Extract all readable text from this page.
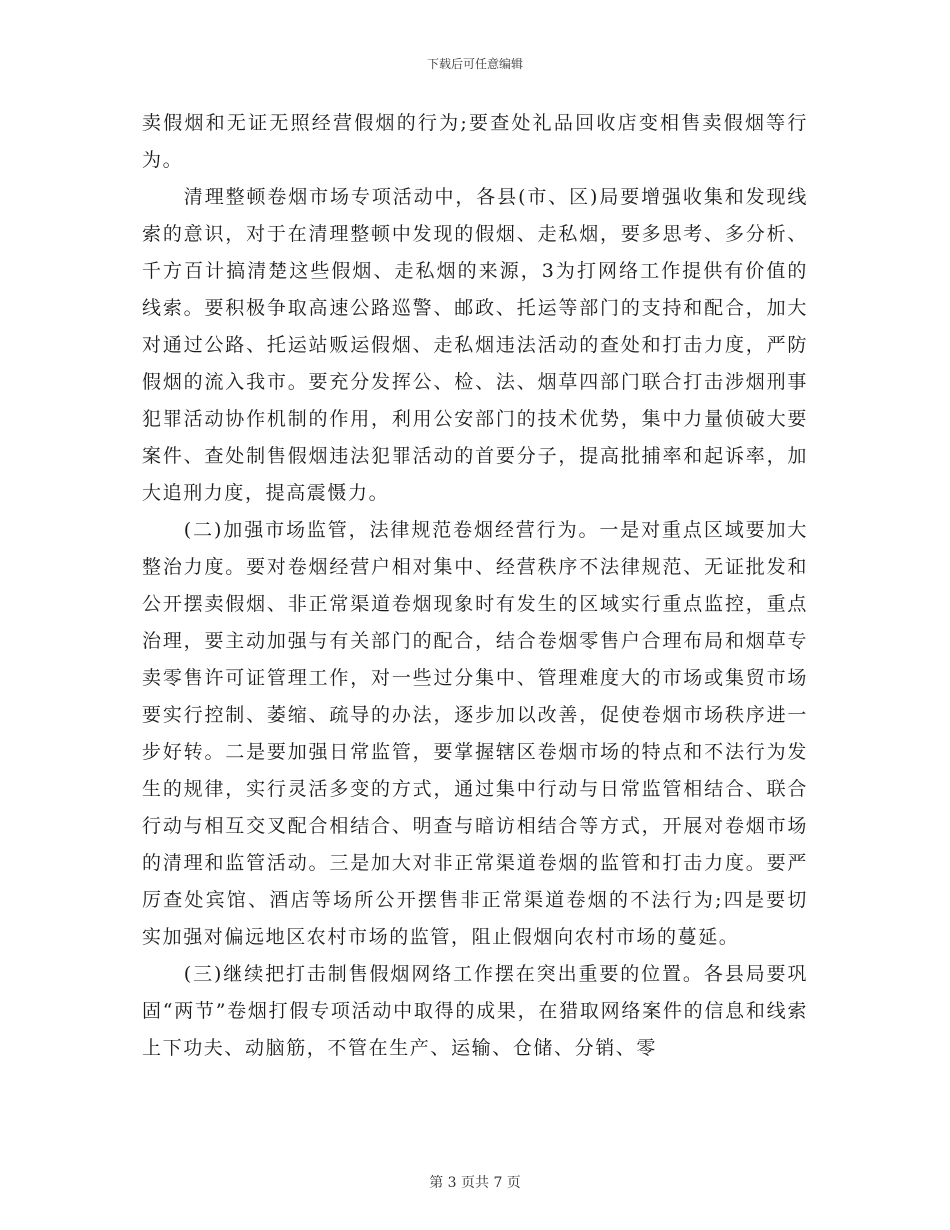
下载后可任意编辑

卖假烟和无证无照经营假烟的行为;要查处礼品回收店变相售卖假烟等行为。

清理整顿卷烟市场专项活动中，各县(市、区)局要增强收集和发现线索的意识，对于在清理整顿中发现的假烟、走私烟，要多思考、多分析、千方百计搞清楚这些假烟、走私烟的来源，3为打网络工作提供有价值的线索。要积极争取高速公路巡警、邮政、托运等部门的支持和配合，加大对通过公路、托运站贩运假烟、走私烟违法活动的查处和打击力度，严防假烟的流入我市。要充分发挥公、检、法、烟草四部门联合打击涉烟刑事犯罪活动协作机制的作用，利用公安部门的技术优势，集中力量侦破大要案件、查处制售假烟违法犯罪活动的首要分子，提高批捕率和起诉率，加大追刑力度，提高震慑力。

(二)加强市场监管，法律规范卷烟经营行为。一是对重点区域要加大整治力度。要对卷烟经营户相对集中、经营秩序不法律规范、无证批发和公开摆卖假烟、非正常渠道卷烟现象时有发生的区域实行重点监控，重点治理，要主动加强与有关部门的配合，结合卷烟零售户合理布局和烟草专卖零售许可证管理工作，对一些过分集中、管理难度大的市场或集贸市场要实行控制、萎缩、疏导的办法，逐步加以改善，促使卷烟市场秩序进一步好转。二是要加强日常监管，要掌握辖区卷烟市场的特点和不法行为发生的规律，实行灵活多变的方式，通过集中行动与日常监管相结合、联合行动与相互交叉配合相结合、明查与暗访相结合等方式，开展对卷烟市场的清理和监管活动。三是加大对非正常渠道卷烟的监管和打击力度。要严厉查处宾馆、酒店等场所公开摆售非正常渠道卷烟的不法行为;四是要切实加强对偏远地区农村市场的监管，阻止假烟向农村市场的蔓延。

(三)继续把打击制售假烟网络工作摆在突出重要的位置。各县局要巩固“两节”卷烟打假专项活动中取得的成果，在猎取网络案件的信息和线索上下功夫、动脑筋，不管在生产、运输、仓储、分销、零

第 3 页共 7 页
